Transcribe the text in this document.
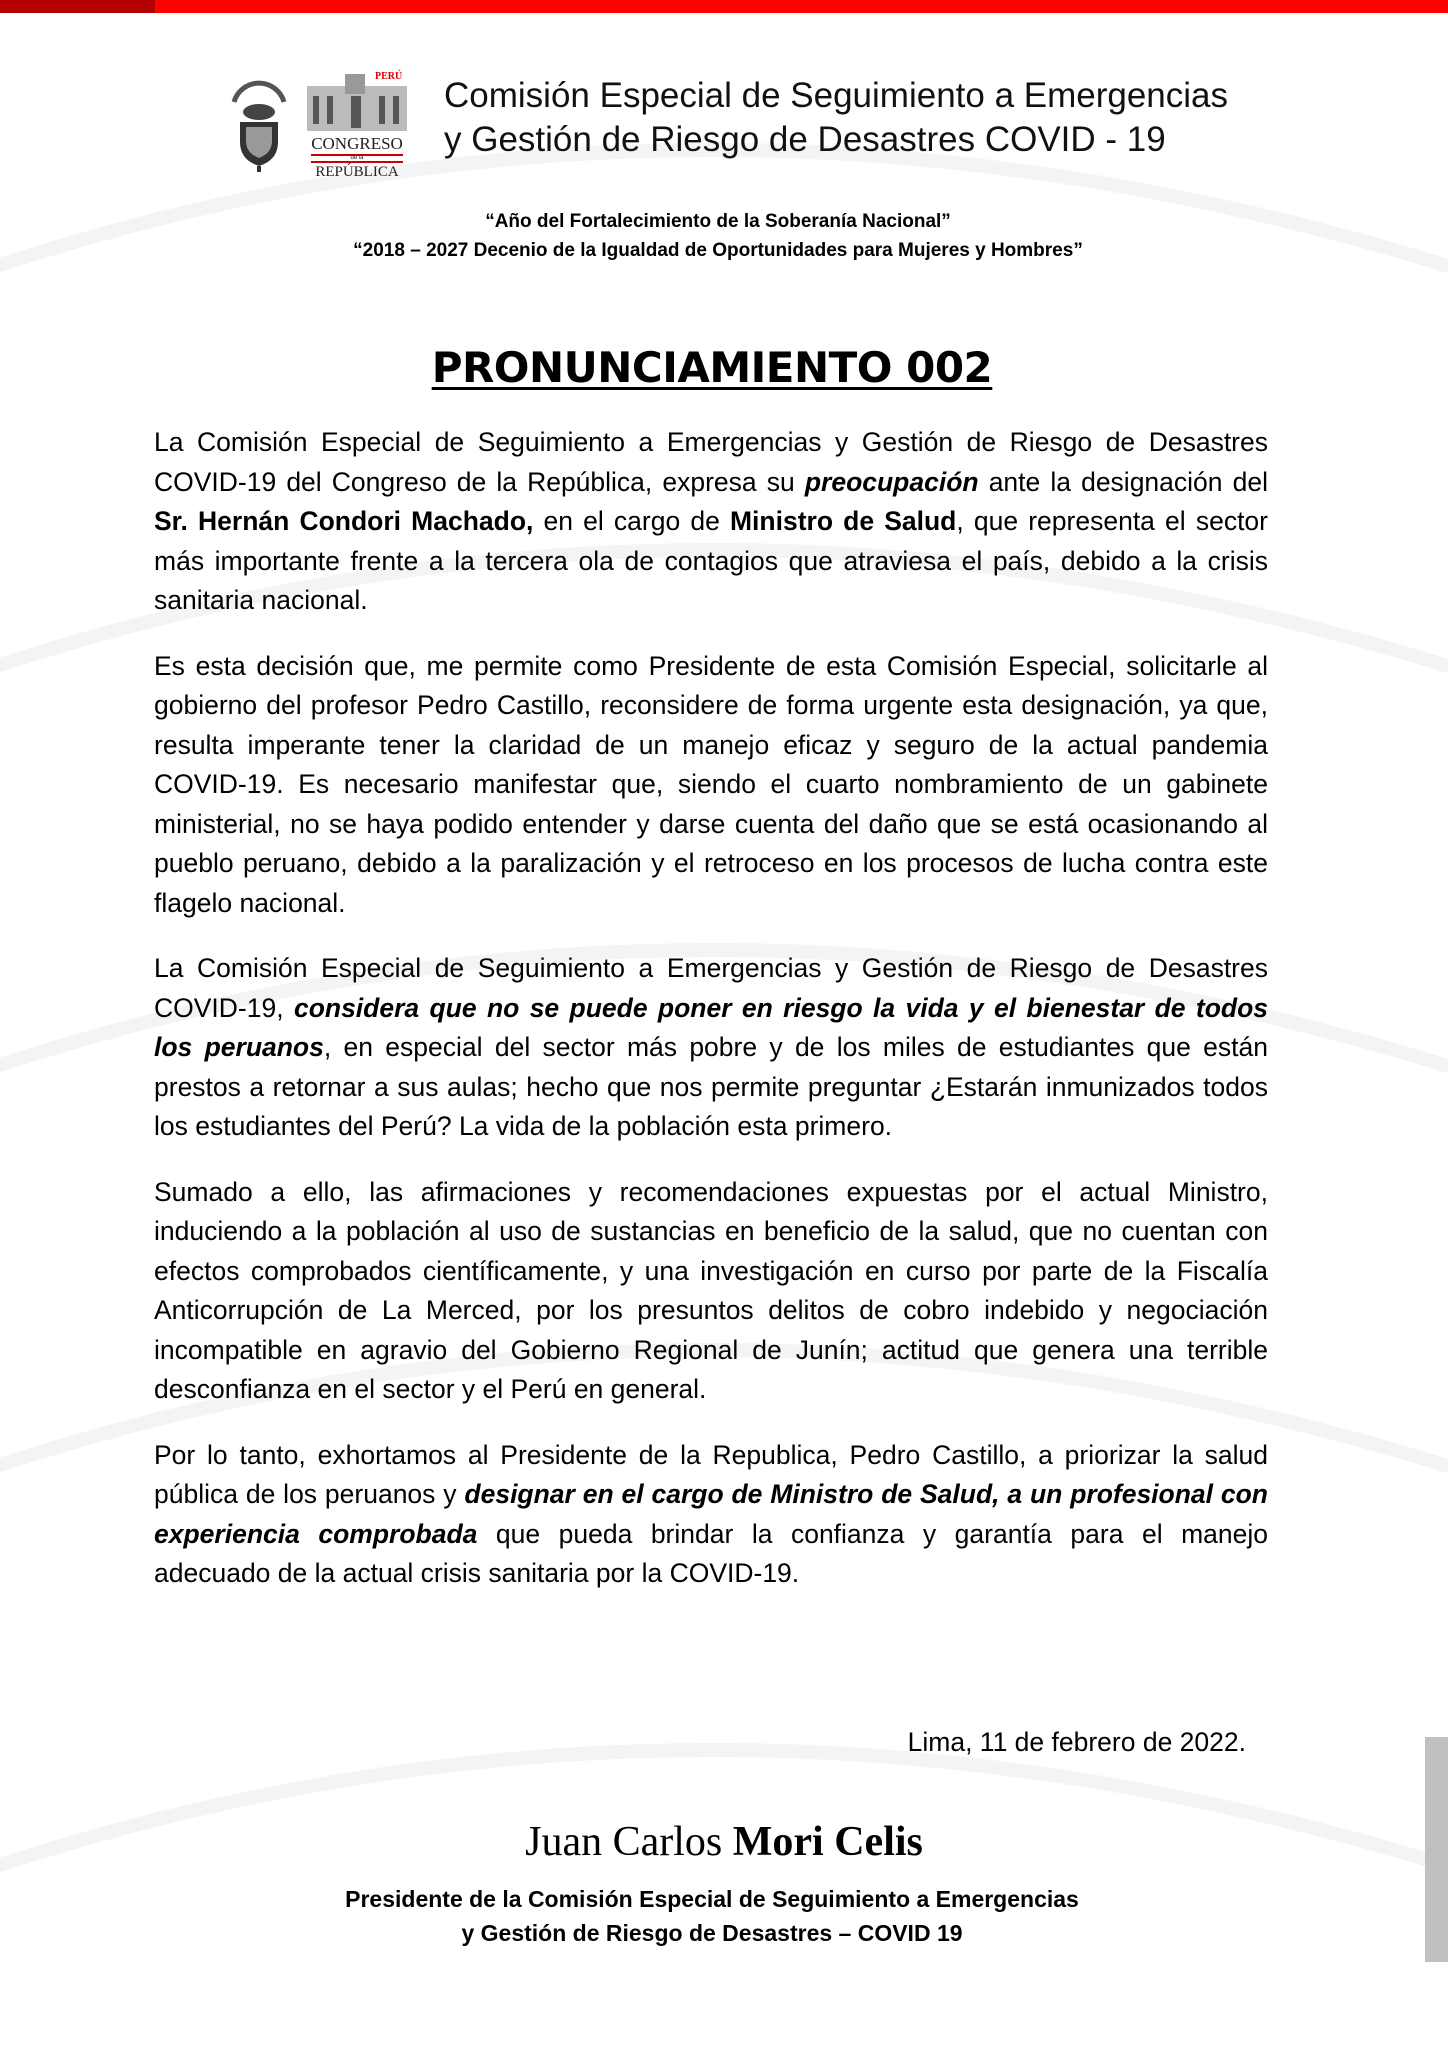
PERÚ
CONGRESO
de la
REPÚBLICA
Comisión Especial de Seguimiento a Emergencias
y Gestión de Riesgo de Desastres COVID - 19
“Año del Fortalecimiento de la Soberanía Nacional”
“2018 – 2027 Decenio de la Igualdad de Oportunidades para Mujeres y Hombres”
PRONUNCIAMIENTO 002

La Comisión Especial de Seguimiento a Emergencias y Gestión de Riesgo de Desastres COVID-19 del Congreso de la República, expresa su preocupación ante la designación del Sr. Hernán Condori Machado, en el cargo de Ministro de Salud, que representa el sector más importante frente a la tercera ola de contagios que atraviesa el país, debido a la crisis sanitaria nacional.

Es esta decisión que, me permite como Presidente de esta Comisión Especial, solicitarle al gobierno del profesor Pedro Castillo, reconsidere de forma urgente esta designación, ya que, resulta imperante tener la claridad de un manejo eficaz y seguro de la actual pandemia COVID-19. Es necesario manifestar que, siendo el cuarto nombramiento de un gabinete ministerial, no se haya podido entender y darse cuenta del daño que se está ocasionando al pueblo peruano, debido a la paralización y el retroceso en los procesos de lucha contra este flagelo nacional.

La Comisión Especial de Seguimiento a Emergencias y Gestión de Riesgo de Desastres COVID-19, considera que no se puede poner en riesgo la vida y el bienestar de todos los peruanos, en especial del sector más pobre y de los miles de estudiantes que están prestos a retornar a sus aulas; hecho que nos permite preguntar ¿Estarán inmunizados todos los estudiantes del Perú? La vida de la población esta primero.

Sumado a ello, las afirmaciones y recomendaciones expuestas por el actual Ministro, induciendo a la población al uso de sustancias en beneficio de la salud, que no cuentan con efectos comprobados científicamente, y una investigación en curso por parte de la Fiscalía Anticorrupción de La Merced, por los presuntos delitos de cobro indebido y negociación incompatible en agravio del Gobierno Regional de Junín; actitud que genera una terrible desconfianza en el sector y el Perú en general.

Por lo tanto, exhortamos al Presidente de la Republica, Pedro Castillo, a priorizar la salud pública de los peruanos y designar en el cargo de Ministro de Salud, a un profesional con experiencia comprobada que pueda brindar la confianza y garantía para el manejo adecuado de la actual crisis sanitaria por la COVID-19.

Lima, 11 de febrero de 2022.
Juan Carlos Mori Celis
Presidente de la Comisión Especial de Seguimiento a Emergencias
y Gestión de Riesgo de Desastres – COVID 19
